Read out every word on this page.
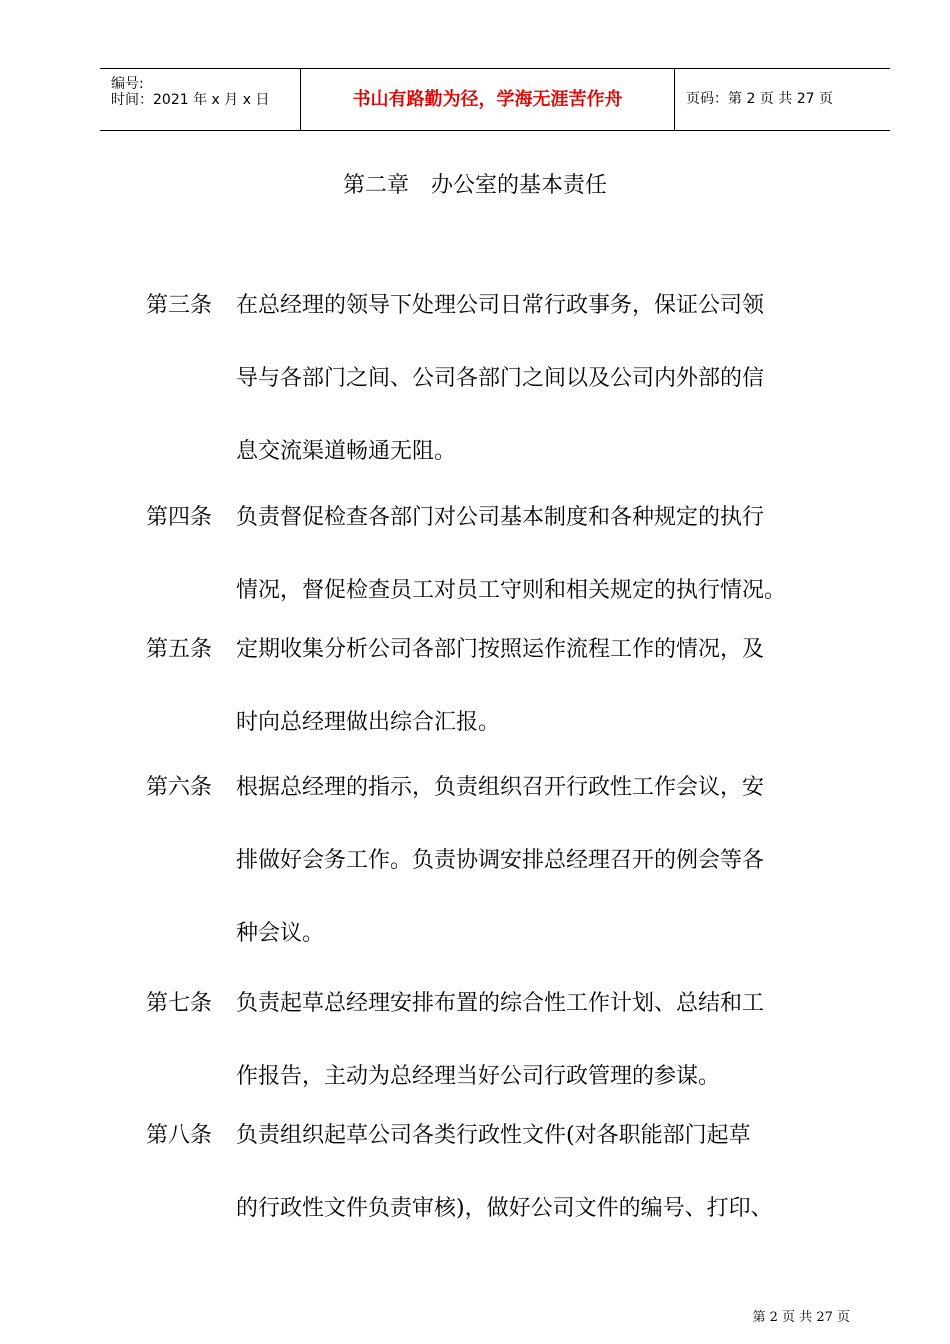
编号:
时间：2021 年 x 月 x 日	书山有路勤为径，学海无涯苦作舟	页码：第 2 页 共 27 页
第二章　办公室的基本责任
第三条 在总经理的领导下处理公司日常行政事务，保证公司领
导与各部门之间、公司各部门之间以及公司内外部的信
息交流渠道畅通无阻。
第四条 负责督促检查各部门对公司基本制度和各种规定的执行
情况，督促检查员工对员工守则和相关规定的执行情况。
第五条 定期收集分析公司各部门按照运作流程工作的情况，及
时向总经理做出综合汇报。
第六条 根据总经理的指示，负责组织召开行政性工作会议，安
排做好会务工作。负责协调安排总经理召开的例会等各
种会议。
第七条 负责起草总经理安排布置的综合性工作计划、总结和工
作报告，主动为总经理当好公司行政管理的参谋。
第八条 负责组织起草公司各类行政性文件(对各职能部门起草
的行政性文件负责审核)，做好公司文件的编号、打印、
第 2 页 共 27 页
